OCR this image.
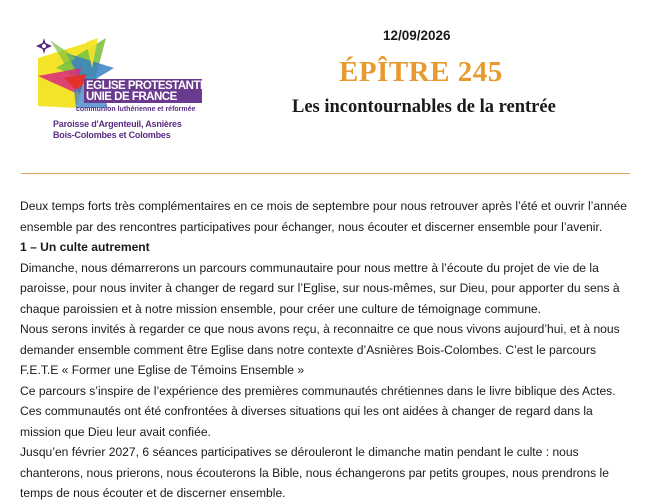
EGLISE PROTESTANTE
UNIE DE FRANCE
communion luthérienne et réformée
Paroisse d'Argenteuil, Asnières
Bois-Colombes et Colombes
12/09/2026
ÉPÎTRE 245
Les incontournables de la rentrée

Deux temps forts très complémentaires en ce mois de septembre pour nous retrouver après l’été et ouvrir l’année ensemble par des rencontres participatives pour échanger, nous écouter et discerner ensemble pour l’avenir.

1 – Un culte autrement

Dimanche, nous démarrerons un parcours communautaire pour nous mettre à l’écoute du projet de vie de la paroisse, pour nous inviter à changer de regard sur l’Eglise, sur nous-mêmes, sur Dieu, pour apporter du sens à chaque paroissien et à notre mission ensemble, pour créer une culture de témoignage commune.

Nous serons invités à regarder ce que nous avons reçu, à reconnaitre ce que nous vivons aujourd’hui, et à nous demander ensemble comment être Eglise dans notre contexte d’Asnières Bois-Colombes. C’est le parcours F.E.T.E « Former une Eglise de Témoins Ensemble »

Ce parcours s’inspire de l’expérience des premières communautés chrétiennes dans le livre biblique des Actes. Ces communautés ont été confrontées à diverses situations qui les ont aidées à changer de regard dans la mission que Dieu leur avait confiée.

Jusqu’en février 2027, 6 séances participatives se dérouleront le dimanche matin pendant le culte : nous chanterons, nous prierons, nous écouterons la Bible, nous échangerons par petits groupes, nous prendrons le temps de nous écouter et de discerner ensemble.
